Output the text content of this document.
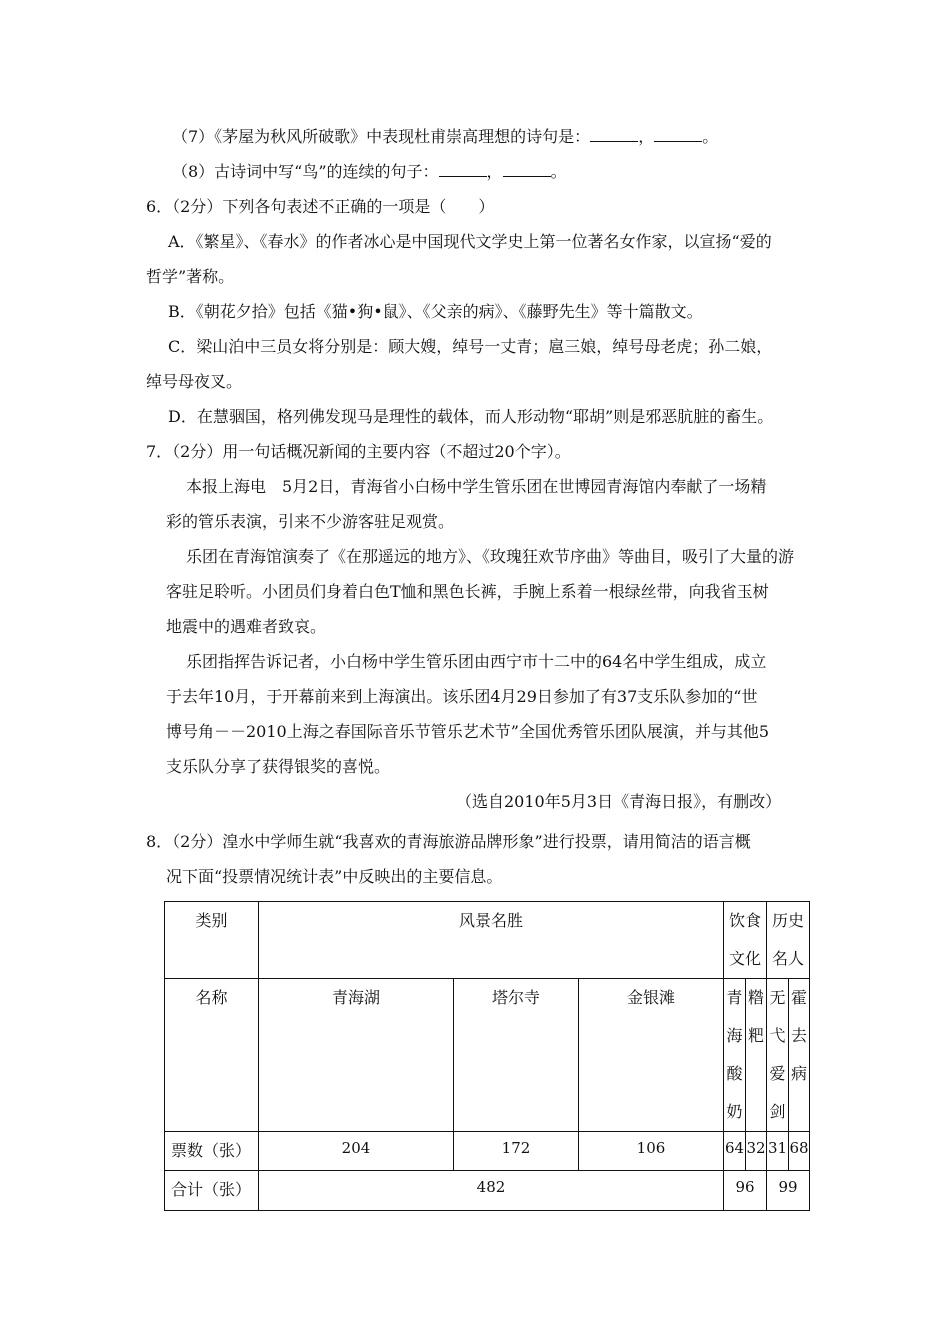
（7）《茅屋为秋风所破歌》中表现杜甫崇高理想的诗句是：	，	。
（8）古诗词中写“鸟”的连续的句子：	，	。
6．（2分）下列各句表述不正确的一项是（　　）
A．《繁星》、《春水》的作者冰心是中国现代文学史上第一位著名女作家，以宣扬“爱的
哲学”著称。
B．《朝花夕拾》包括《猫•狗•鼠》、《父亲的病》、《藤野先生》等十篇散文。
C．梁山泊中三员女将分别是：顾大嫂，绰号一丈青；扈三娘，绰号母老虎；孙二娘，
绰号母夜叉。
D．在慧骃国，格列佛发现马是理性的载体，而人形动物“耶胡”则是邪恶肮脏的畜生。
7．（2分）用一句话概况新闻的主要内容（不超过20个字）。
本报上海电　5月2日，青海省小白杨中学生管乐团在世博园青海馆内奉献了一场精
彩的管乐表演，引来不少游客驻足观赏。
乐团在青海馆演奏了《在那遥远的地方》、《玫瑰狂欢节序曲》等曲目，吸引了大量的游
客驻足聆听。小团员们身着白色T恤和黑色长裤，手腕上系着一根绿丝带，向我省玉树
地震中的遇难者致哀。
乐团指挥告诉记者，小白杨中学生管乐团由西宁市十二中的64名中学生组成，成立
于去年10月，于开幕前来到上海演出。该乐团4月29日参加了有37支乐队参加的“世
博号角－－2010上海之春国际音乐节管乐艺术节”全国优秀管乐团队展演，并与其他5
支乐队分享了获得银奖的喜悦。
（选自2010年5月3日《青海日报》，有删改）
8．（2分）湟水中学师生就“我喜欢的青海旅游品牌形象”进行投票，请用简洁的语言概
况下面“投票情况统计表”中反映出的主要信息。
类别	风景名胜			饮食文化		历史名人	

名称	青海湖	塔尔寺	金银滩	青海酸奶	糌粑	无弋爱剑	霍去病

票数（张）	204	172	106	64	32	31	68
合计（张）	482			96		99	
